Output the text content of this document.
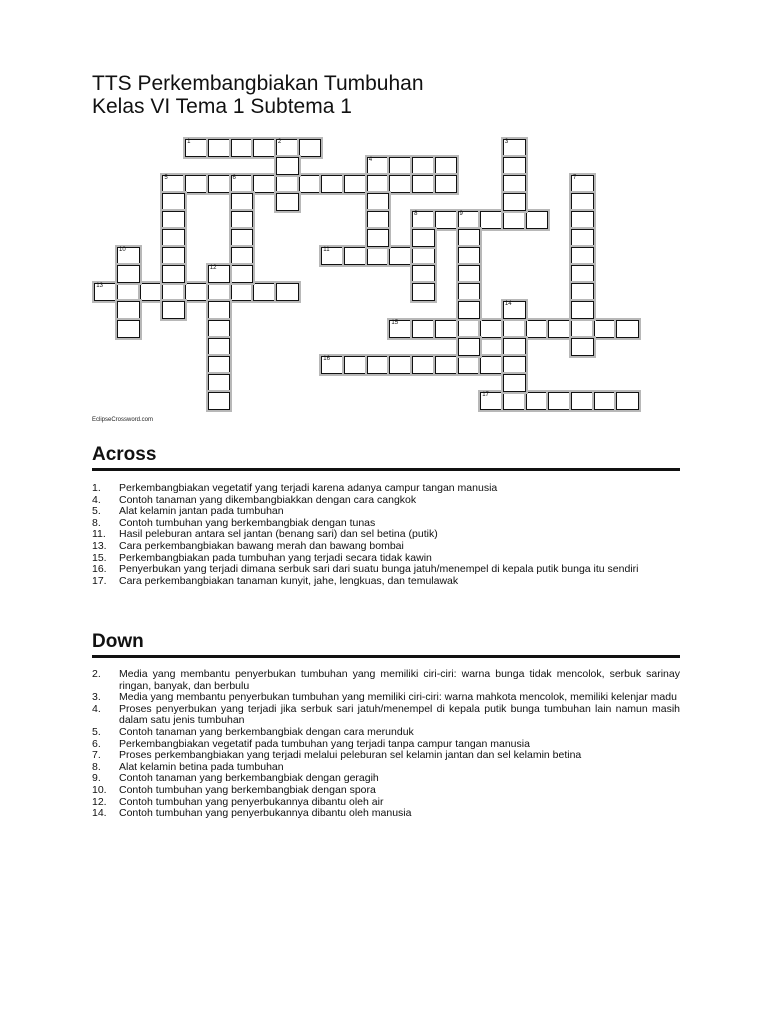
TTS Perkembangbiakan Tumbuhan
Kelas VI Tema 1 Subtema 1
1	2
4
5	6
8	9
11
13
15
16
17
3
7
10
12
14
EclipseCrossword.com
Across
1. Perkembangbiakan vegetatif yang terjadi karena adanya campur tangan manusia
4. Contoh tanaman yang dikembangbiakkan dengan cara cangkok
5. Alat kelamin jantan pada tumbuhan
8. Contoh tumbuhan yang berkembangbiak dengan tunas
11. Hasil peleburan antara sel jantan (benang sari) dan sel betina (putik)
13. Cara perkembangbiakan bawang merah dan bawang bombai
15. Perkembangbiakan pada tumbuhan yang terjadi secara tidak kawin
16. Penyerbukan yang terjadi dimana serbuk sari dari suatu bunga jatuh/menempel di kepala putik bunga itu sendiri
17. Cara perkembangbiakan tanaman kunyit, jahe, lengkuas, dan temulawak
Down
2. Media yang membantu penyerbukan tumbuhan yang memiliki ciri-ciri: warna bunga tidak mencolok, serbuk sarinay ringan, banyak, dan berbulu
3. Media yang membantu penyerbukan tumbuhan yang memiliki ciri-ciri: warna mahkota mencolok, memiliki kelenjar madu
4. Proses penyerbukan yang terjadi jika serbuk sari jatuh/menempel di kepala putik bunga tumbuhan lain namun masih dalam satu jenis tumbuhan
5. Contoh tanaman yang berkembangbiak dengan cara merunduk
6. Perkembangbiakan vegetatif pada tumbuhan yang terjadi tanpa campur tangan manusia
7. Proses perkembangbiakan yang terjadi melalui peleburan sel kelamin jantan dan sel kelamin betina
8. Alat kelamin betina pada tumbuhan
9. Contoh tanaman yang berkembangbiak dengan geragih
10. Contoh tumbuhan yang berkembangbiak dengan spora
12. Contoh tumbuhan yang penyerbukannya dibantu oleh air
14. Contoh tumbuhan yang penyerbukannya dibantu oleh manusia
